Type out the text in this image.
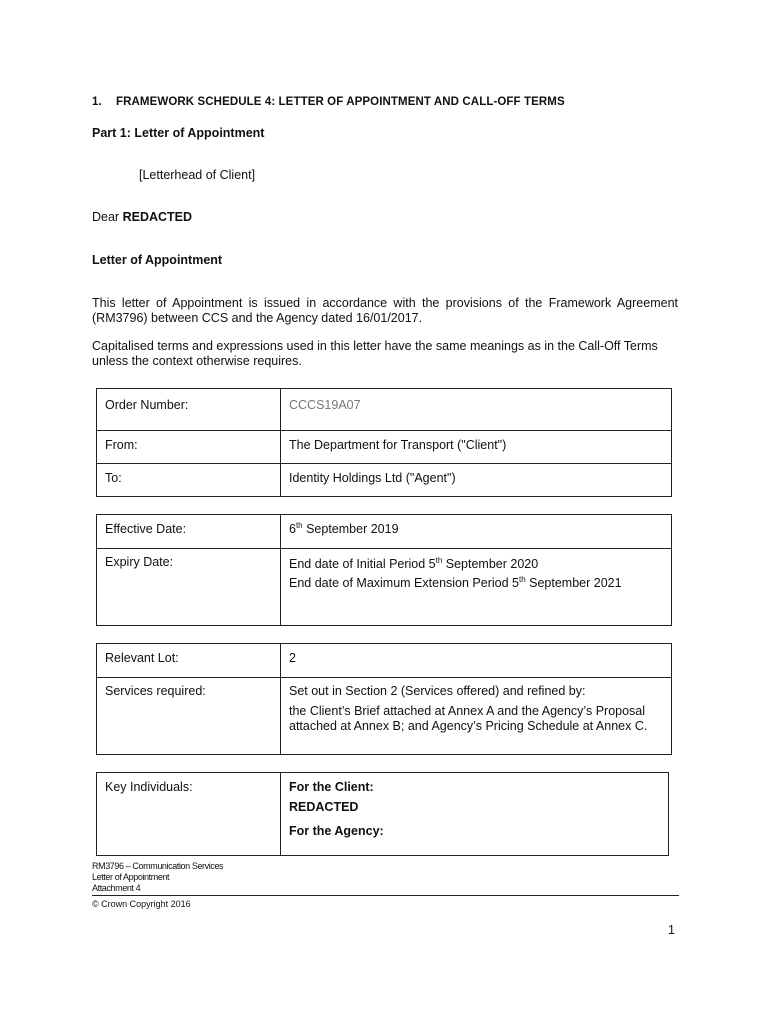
1. FRAMEWORK SCHEDULE 4: LETTER OF APPOINTMENT AND CALL-OFF TERMS
Part 1: Letter of Appointment
[Letterhead of Client]
Dear REDACTED
Letter of Appointment
This letter of Appointment is issued in accordance with the provisions of the Framework Agreement (RM3796) between CCS and the Agency dated 16/01/2017.
Capitalised terms and expressions used in this letter have the same meanings as in the Call-Off Terms unless the context otherwise requires.
Order Number:	CCCS19A07
From:	The Department for Transport ("Client")
To:	Identity Holdings Ltd ("Agent")
Effective Date:	6th September 2019
Expiry Date:	End date of Initial Period 5th September 2020
End date of Maximum Extension Period 5th September 2021
Relevant Lot:	2
Services required:	Set out in Section 2 (Services offered) and refined by:
the Client’s Brief attached at Annex A and the Agency’s Proposal attached at Annex B; and Agency’s Pricing Schedule at Annex C.
Key Individuals:	For the Client:
REDACTED
For the Agency:
RM3796 – Communication Services
Letter of Appointment
Attachment 4
© Crown Copyright 2016
1
